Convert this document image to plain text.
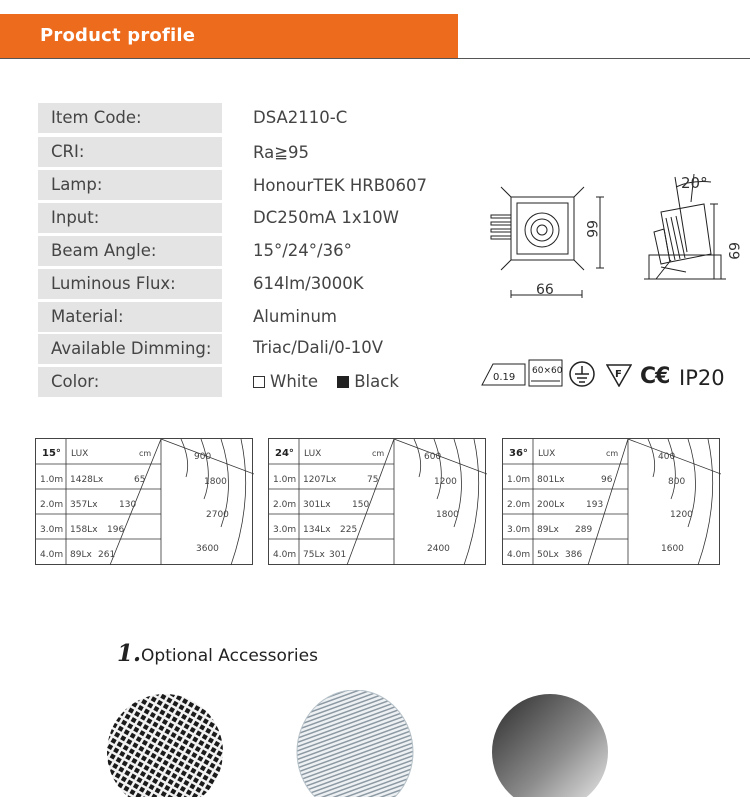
Product profile
Item Code:	DSA2110-C
CRI:	Ra≧95
Lamp:	HonourTEK HRB0607
Input:	DC250mA 1x10W
Beam Angle:	15°/24°/36°
Luminous Flux:	614lm/3000K
Material:	Aluminum
Available Dimming:	Triac/Dali/0-10V
Color:	White Black
66
66
20°
69
0.19
60×60	F C€ IP20
15° LUX	cm
1.0m 1428Lx	65
2.0m 357Lx 130
3.0m 158Lx 196
4.0m 89Lx 261
900
1800
2700
3600
24° LUX	cm
1.0m 1207Lx	75
2.0m 301Lx 150
3.0m 134Lx 225
4.0m 75Lx 301
600
1200
1800
2400
36° LUX	cm
1.0m 801Lx	96
2.0m 200Lx 193
3.0m 89Lx 289
4.0m 50Lx 386
400
800
1200
1600
1.Optional Accessories
